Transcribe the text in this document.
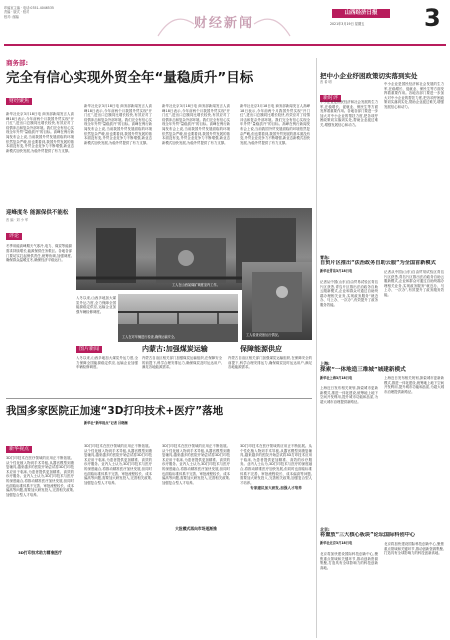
印编室主编 · 电话:0351-4046535
责编 · 版式 · 校对
校对: 邮编	财经新闻
山西经济日报
2021年3月19日 星期五	3
商务部:
完全有信心实现外贸全年“量稳质升”目标
财经聚焦
新华社北京3月18日电 商务部新闻发言人高峰18日表示,今年前两个月我国外贸实现“开门红”,进出口总额同比增长较快,有效应对了疫情冲击和复杂外部环境。我们完全有信心实现全年外贸“量稳质升”的目标。高峰在例行新闻发布会上说,当前我国外贸发展面临的环境依然复杂严峻,但也要看到,我国外贸发展的基本面没有变,外贸企业竞争力不断增强,新业态新模式加快发展,为稳外贸提供了有力支撑。
新华社北京3月18日电 商务部新闻发言人高峰18日表示,今年前两个月我国外贸实现“开门红”,进出口总额同比增长较快,有效应对了疫情冲击和复杂外部环境。我们完全有信心实现全年外贸“量稳质升”的目标。高峰在例行新闻发布会上说,当前我国外贸发展面临的环境依然复杂严峻,但也要看到,我国外贸发展的基本面没有变,外贸企业竞争力不断增强,新业态新模式加快发展,为稳外贸提供了有力支撑。
新华社北京3月18日电 商务部新闻发言人高峰18日表示,今年前两个月我国外贸实现“开门红”,进出口总额同比增长较快,有效应对了疫情冲击和复杂外部环境。我们完全有信心实现全年外贸“量稳质升”的目标。高峰在例行新闻发布会上说,当前我国外贸发展面临的环境依然复杂严峻,但也要看到,我国外贸发展的基本面没有变,外贸企业竞争力不断增强,新业态新模式加快发展,为稳外贸提供了有力支撑。
新华社北京3月18日电 商务部新闻发言人高峰18日表示,今年前两个月我国外贸实现“开门红”,进出口总额同比增长较快,有效应对了疫情冲击和复杂外部环境。我们完全有信心实现全年外贸“量稳质升”的目标。高峰在例行新闻发布会上说,当前我国外贸发展面临的环境依然复杂严峻,但也要看到,我国外贸发展的基本面没有变,外贸企业竞争力不断增强,新业态新模式加快发展,为稳外贸提供了有力支撑。
迎峰度冬 能源保供不能松
晋 编 · 刘 小 军
评论
冬季用能高峰期天气寒冷,电力、煤炭等能源需求持续增长,能源保供任务艰巨。各地各部门要切实扛起保供责任,统筹协调,加强调度,确保群众温暖过冬,确保经济平稳运行。
工人在山西某煤矿调度室内工作。
工人检查设备运行情况。
工人在对车辆进行检查,确保运输安全。
入冬以来,山西多地加大煤炭外运力度,全力保障全国能源稳定供应,运输企业加强车辆检修调度。
图片新闻	内蒙古:加强煤炭运输	保障能源供应
入冬以来,山西多地加大煤炭外运力度,全力保障全国能源稳定供应,运输企业加强车辆检修调度。
内蒙古自治区相关部门加强煤炭运输组织,在保障安全的前提下,科学合理安排运力,确保煤炭及时运达用户,满足各地能源需求。
内蒙古自治区相关部门加强煤炭运输组织,在保障安全的前提下,科学合理安排运力,确保煤炭及时运达用户,满足各地能源需求。
把中小企业纾困政策切实落到实处
晋 希 明
新时评
中小企业是国民经济和社会发展的生力军,在稳增长、促就业、保民生等方面发挥着重要作用。各地各部门要进一步加大对中小企业的帮扶力度,把各项纾困政策切实落到实处,帮助企业渡过难关,增强发展信心和动力。
中小企业是国民经济和社会发展的生力军,在稳增长、促就业、保民生等方面发挥着重要作用。各地各部门要进一步加大对中小企业的帮扶力度,把各项纾困政策切实落到实处,帮助企业渡过难关,增强发展信心和动力。
青岛:
自贸片区推出“法治政务自助云服”为全国首新模式
新华社青岛3月18日电
记者从中国(山东)自由贸易试验区青岛片区获悉,青岛片区推出法治政务自助云服新模式,企业和群众可通过自助终端办理相关业务,实现政务服务“就近办、马上办、一次办”,有效提升了政务服务效能。
记者从中国(山东)自由贸易试验区青岛片区获悉,青岛片区推出法治政务自助云服新模式,企业和群众可通过自助终端办理相关业务,实现政务服务“就近办、马上办、一次办”,有效提升了政务服务效能。
上海:
探索“一体地造三维城”城建新模式
新华社上海3月18日电
上海近日发布相关规划,探索城市更新新模式,推进一体化建设,统筹地上地下空间开发利用,提升城市功能和品质,为超大城市治理提供新路径。
上海近日发布相关规划,探索城市更新新模式,推进一体化建设,统筹地上地下空间开发利用,提升城市功能和品质,为超大城市治理提供新路径。
北京:
将置放“三大核心板块”论坛国际科创中心
新华社北京3月18日电
北京将加快建设国际科技创新中心,聚焦重点领域和关键环节,推动创新资源集聚,打造具有全球影响力的科技创新高地。
北京将加快建设国际科技创新中心,聚焦重点领域和关键环节,推动创新资源集聚,打造具有全球影响力的科技创新高地。
我国多家医院正加速“3D打印技术+医疗”落地
新华社“新华视点”记者 吕晓澜
新华视点
3D打印技术在医疗领域的应用正不断拓展。从个性化植入物到手术导板,从器官模型到康复辅具,越来越多的医院开始尝试将3D打印技术应用于临床,为患者提供更加精准、高效的诊疗服务。业内人士认为,3D打印技术与医疗的深度融合,将推动精准医疗加快发展,但同时也面临标准体系不完善、审批流程较长、成本偏高等问题,需要加大研发投入,完善相关政策,加强复合型人才培养。
3D打印技术助力精准医疗
3D打印技术在医疗领域的应用正不断拓展。从个性化植入物到手术导板,从器官模型到康复辅具,越来越多的医院开始尝试将3D打印技术应用于临床,为患者提供更加精准、高效的诊疗服务。业内人士认为,3D打印技术与医疗的深度融合,将推动精准医疗加快发展,但同时也面临标准体系不完善、审批流程较长、成本偏高等问题,需要加大研发投入,完善相关政策,加强复合型人才培养。
3D打印技术在医疗领域的应用正不断拓展。从个性化植入物到手术导板,从器官模型到康复辅具,越来越多的医院开始尝试将3D打印技术应用于临床,为患者提供更加精准、高效的诊疗服务。业内人士认为,3D打印技术与医疗的深度融合,将推动精准医疗加快发展,但同时也面临标准体系不完善、审批流程较长、成本偏高等问题,需要加大研发投入,完善相关政策,加强复合型人才培养。
大批模式再向市场逐渐推
3D打印技术在医疗领域的应用正不断拓展。从个性化植入物到手术导板,从器官模型到康复辅具,越来越多的医院开始尝试将3D打印技术应用于临床,为患者提供更加精准、高效的诊疗服务。业内人士认为,3D打印技术与医疗的深度融合,将推动精准医疗加快发展,但同时也面临标准体系不完善、审批流程较长、成本偏高等问题,需要加大研发投入,完善相关政策,加强复合型人才培养。
专家建议加大研发,加强人才培养
